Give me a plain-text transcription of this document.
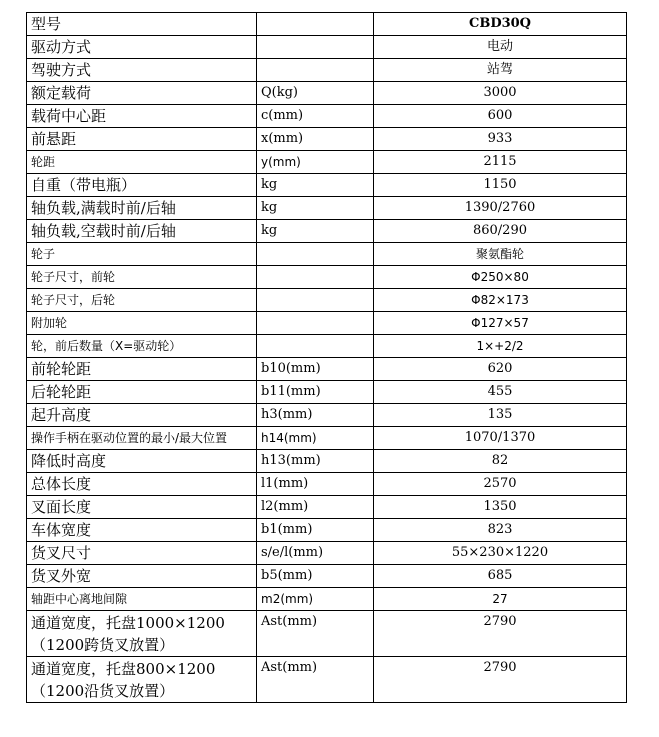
型号		CBD30Q
驱动方式		电动
驾驶方式		站驾
额定载荷	Q(kg)	3000
载荷中心距	c(mm)	600
前悬距	x(mm)	933
轮距	y(mm)	2115
自重（带电瓶）	kg	1150
轴负载,满载时前/后轴	kg	1390/2760
轴负载,空载时前/后轴	kg	860/290
轮子		聚氨酯轮
轮子尺寸，前轮		Φ250×80
轮子尺寸，后轮		Φ82×173
附加轮		Φ127×57
轮，前后数量（X=驱动轮）		1×+2/2
前轮轮距	b10(mm)	620
后轮轮距	b11(mm)	455
起升高度	h3(mm)	135
操作手柄在驱动位置的最小/最大位置	h14(mm)	1070/1370
降低时高度	h13(mm)	82
总体长度	l1(mm)	2570
叉面长度	l2(mm)	1350
车体宽度	b1(mm)	823
货叉尺寸	s/e/l(mm)	55×230×1220
货叉外宽	b5(mm)	685
轴距中心离地间隙	m2(mm)	27
通道宽度，托盘1000×1200（1200跨货叉放置）	Ast(mm)	2790
通道宽度，托盘800×1200（1200沿货叉放置）	Ast(mm)	2790
